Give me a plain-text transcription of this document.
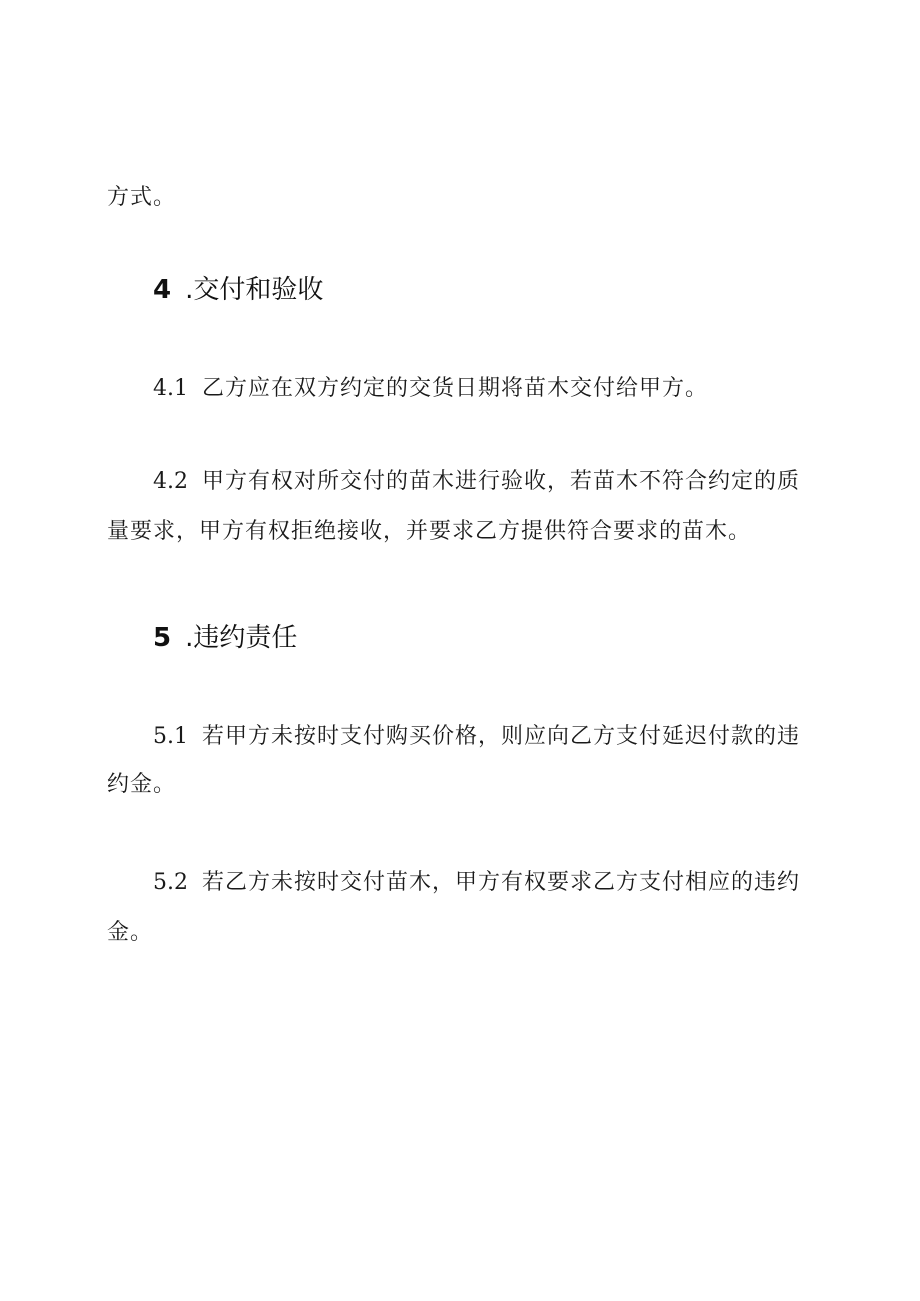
方式。
4 .交付和验收
4.1 乙方应在双方约定的交货日期将苗木交付给甲方。
4.2 甲方有权对所交付的苗木进行验收，若苗木不符合约定的质
量要求，甲方有权拒绝接收，并要求乙方提供符合要求的苗木。
5 .违约责任
5.1 若甲方未按时支付购买价格，则应向乙方支付延迟付款的违
约金。
5.2 若乙方未按时交付苗木，甲方有权要求乙方支付相应的违约
金。
